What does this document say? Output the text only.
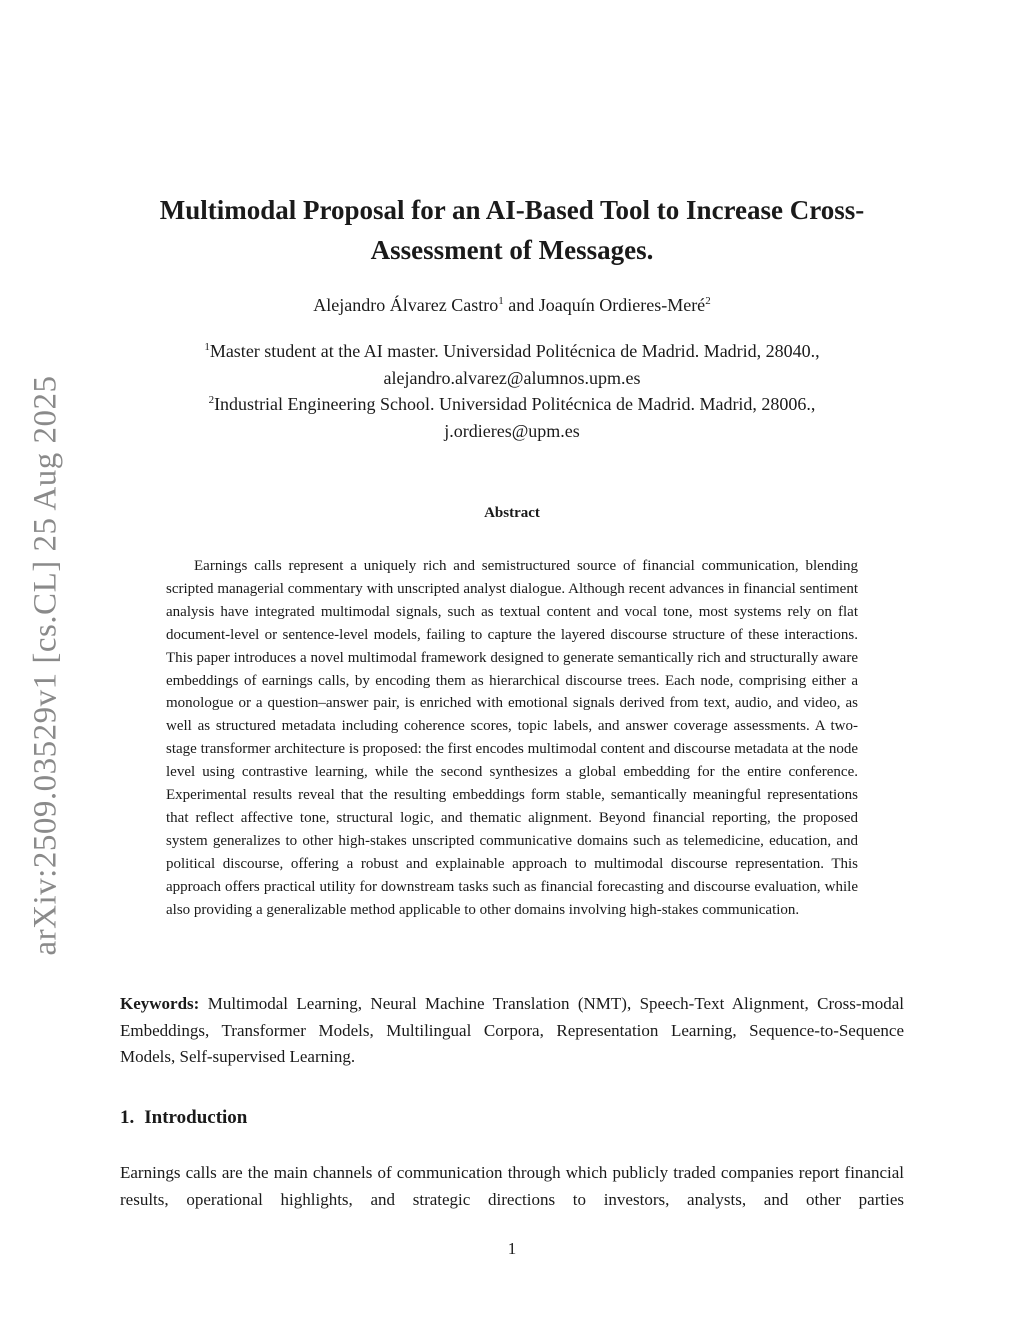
arXiv:2509.03529v1 [cs.CL] 25 Aug 2025
Multimodal Proposal for an AI-Based Tool to Increase Cross-Assessment of Messages.
Alejandro Álvarez Castro$^1$ and Joaquín Ordieres-Meré$^2$
$^1$Master student at the AI master. Universidad Politécnica de Madrid. Madrid, 28040.,
alejandro.alvarez@alumnos.upm.es
$^2$Industrial Engineering School. Universidad Politécnica de Madrid. Madrid, 28006.,
j.ordieres@upm.es
Abstract

Earnings calls represent a uniquely rich and semistructured source of financial communication, blending scripted managerial commentary with unscripted analyst dialogue. Although recent advances in financial sentiment analysis have integrated multimodal signals, such as textual content and vocal tone, most systems rely on flat document-level or sentence-level models, failing to capture the layered discourse structure of these interactions. This paper introduces a novel multimodal framework designed to generate semantically rich and structurally aware embeddings of earnings calls, by encoding them as hierarchical discourse trees. Each node, comprising either a monologue or a question–answer pair, is enriched with emotional signals derived from text, audio, and video, as well as structured metadata including coherence scores, topic labels, and answer coverage assessments. A two-stage transformer architecture is proposed: the first encodes multimodal content and discourse metadata at the node level using contrastive learning, while the second synthesizes a global embedding for the entire conference. Experimental results reveal that the resulting embeddings form stable, semantically meaningful representations that reflect affective tone, structural logic, and thematic alignment. Beyond financial reporting, the proposed system generalizes to other high-stakes unscripted communicative domains such as telemedicine, education, and political discourse, offering a robust and explainable approach to multimodal discourse representation. This approach offers practical utility for downstream tasks such as financial forecasting and discourse evaluation, while also providing a generalizable method applicable to other domains involving high-stakes communication.

Keywords: Multimodal Learning, Neural Machine Translation (NMT), Speech-Text Alignment, Cross-modal Embeddings, Transformer Models, Multilingual Corpora, Representation Learning, Sequence-to-Sequence Models, Self-supervised Learning.

1. Introduction

Earnings calls are the main channels of communication through which publicly traded companies report financial results, operational highlights, and strategic directions to investors, analysts, and other parties

1
